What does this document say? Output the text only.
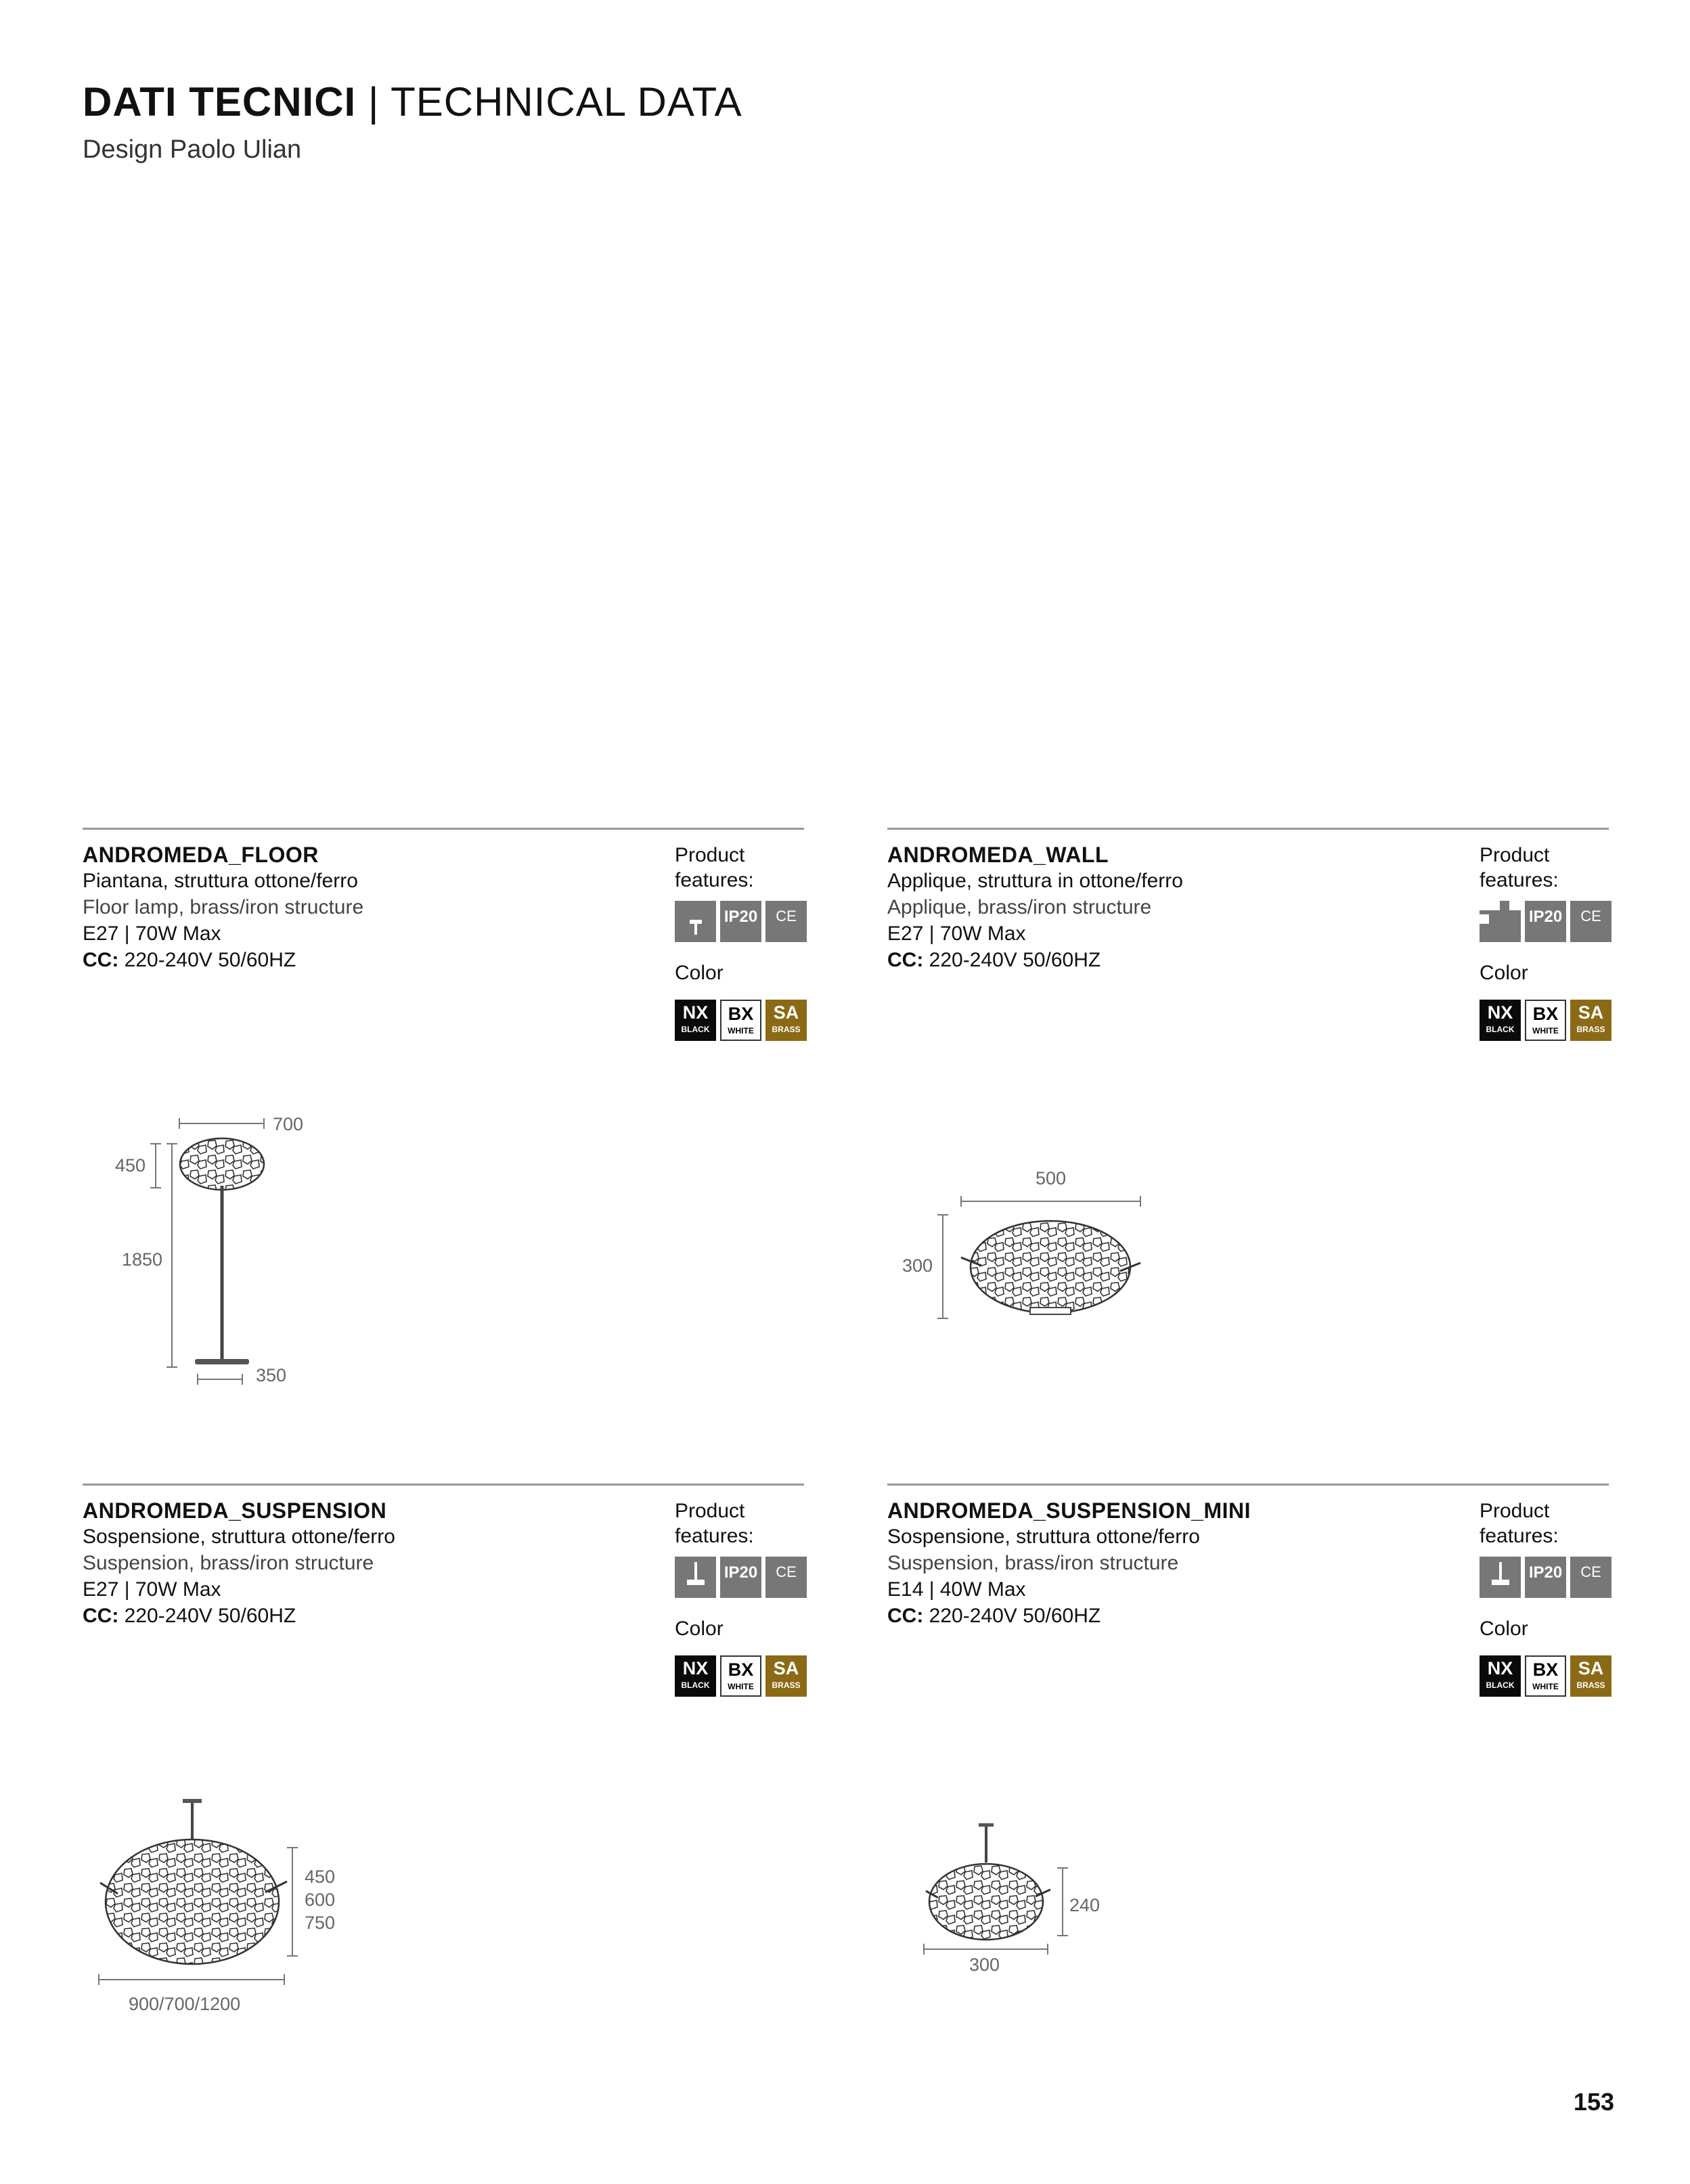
DATI TECNICI | TECHNICAL DATA
Design Paolo Ulian
ANDROMEDA_FLOOR
Piantana, struttura ottone/ferro
Floor lamp, brass/iron structure
E27 | 70W Max
CC: 220-240V 50/60HZ
Product
features:
IP20	CE
Color
NX
BLACK
BX
WHITE
SA
BRASS
700
450
1850
350
ANDROMEDA_WALL
Applique, struttura in ottone/ferro
Applique, brass/iron structure
E27 | 70W Max
CC: 220-240V 50/60HZ
Product
features:
IP20	CE
Color
NX
BLACK
BX
WHITE
SA
BRASS
500
300
ANDROMEDA_SUSPENSION
Sospensione, struttura ottone/ferro
Suspension, brass/iron structure
E27 | 70W Max
CC: 220-240V 50/60HZ
Product
features:
IP20	CE
Color
NX
BLACK
BX
WHITE
SA
BRASS
450
600
750
900/700/1200
ANDROMEDA_SUSPENSION_MINI
Sospensione, struttura ottone/ferro
Suspension, brass/iron structure
E14 | 40W Max
CC: 220-240V 50/60HZ
Product
features:
IP20	CE
Color
NX
BLACK
BX
WHITE
SA
BRASS
240
300
153
